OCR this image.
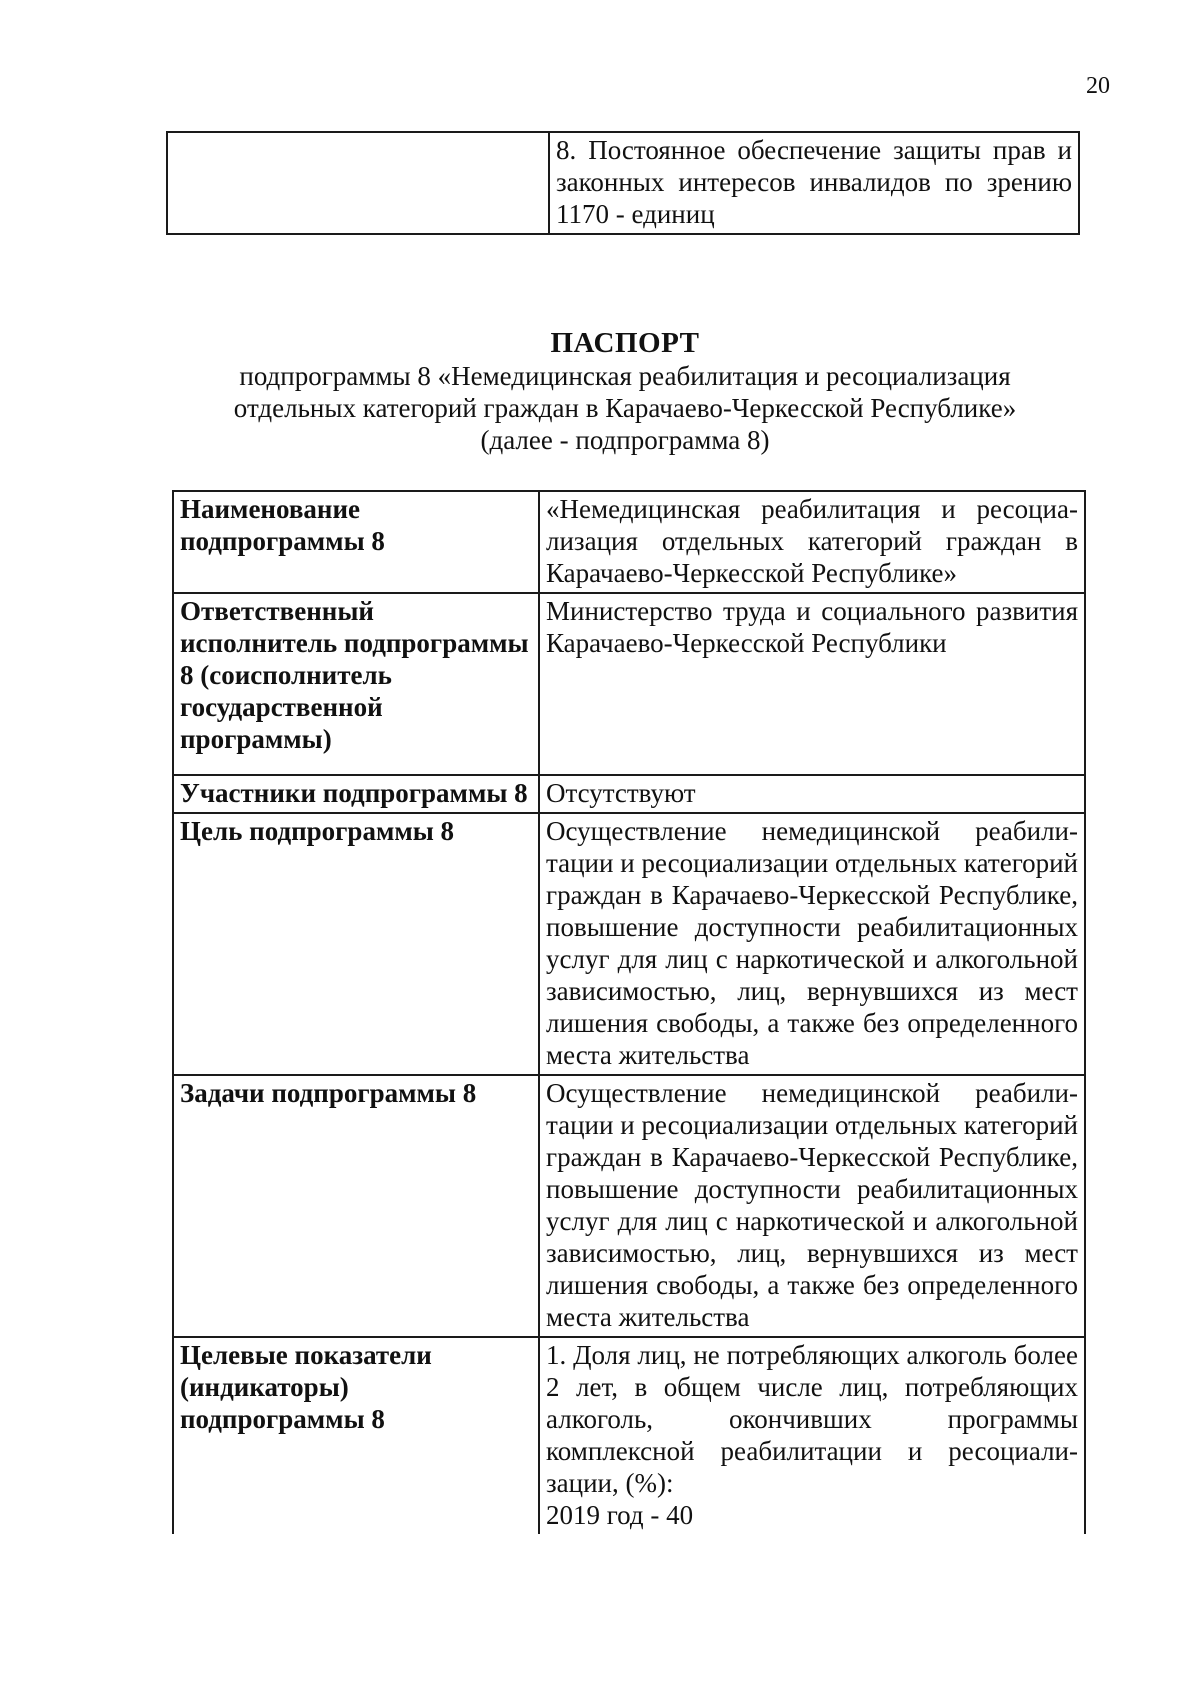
20
	8. Постоянное обеспечение защиты прав и законных интересов инвалидов по зрению 1170 - единиц
ПАСПОРТ
подпрограммы 8 «Немедицинская реабилитация и ресоциализация
отдельных категорий граждан в Карачаево-Черкесской Республике»
(далее - подпрограмма 8)
Наименование подпрограммы 8	«Немедицинская реабилитация и ресоциализация отдельных категорий граждан в Карачаево-Черкесской Республике»
Ответственный исполнитель подпрограммы 8 (соисполнитель государственной программы)	Министерство труда и социального развития Карачаево-Черкесской Республики
Участники подпрограммы 8	Отсутствуют
Цель подпрограммы 8	Осуществление немедицинской реабилитации и ресоциализации отдельных категорий граждан в Карачаево-Черкесской Республике, повышение доступности реабилитационных услуг для лиц с наркотической и алкогольной зависимостью, лиц, вернувшихся из мест лишения свободы, а также без определенного места жительства
Задачи подпрограммы 8	Осуществление немедицинской реабилитации и ресоциализации отдельных категорий граждан в Карачаево-Черкесской Республике, повышение доступности реабилитационных услуг для лиц с наркотической и алкогольной зависимостью, лиц, вернувшихся из мест лишения свободы, а также без определенного места жительства
Целевые показатели (индикаторы) подпрограммы 8	1. Доля лиц, не потребляющих алкоголь более 2 лет, в общем числе лиц, потребляющих алкоголь, окончивших программы комплексной реабилитации и ресоциализации, (%):
2019 год - 40
